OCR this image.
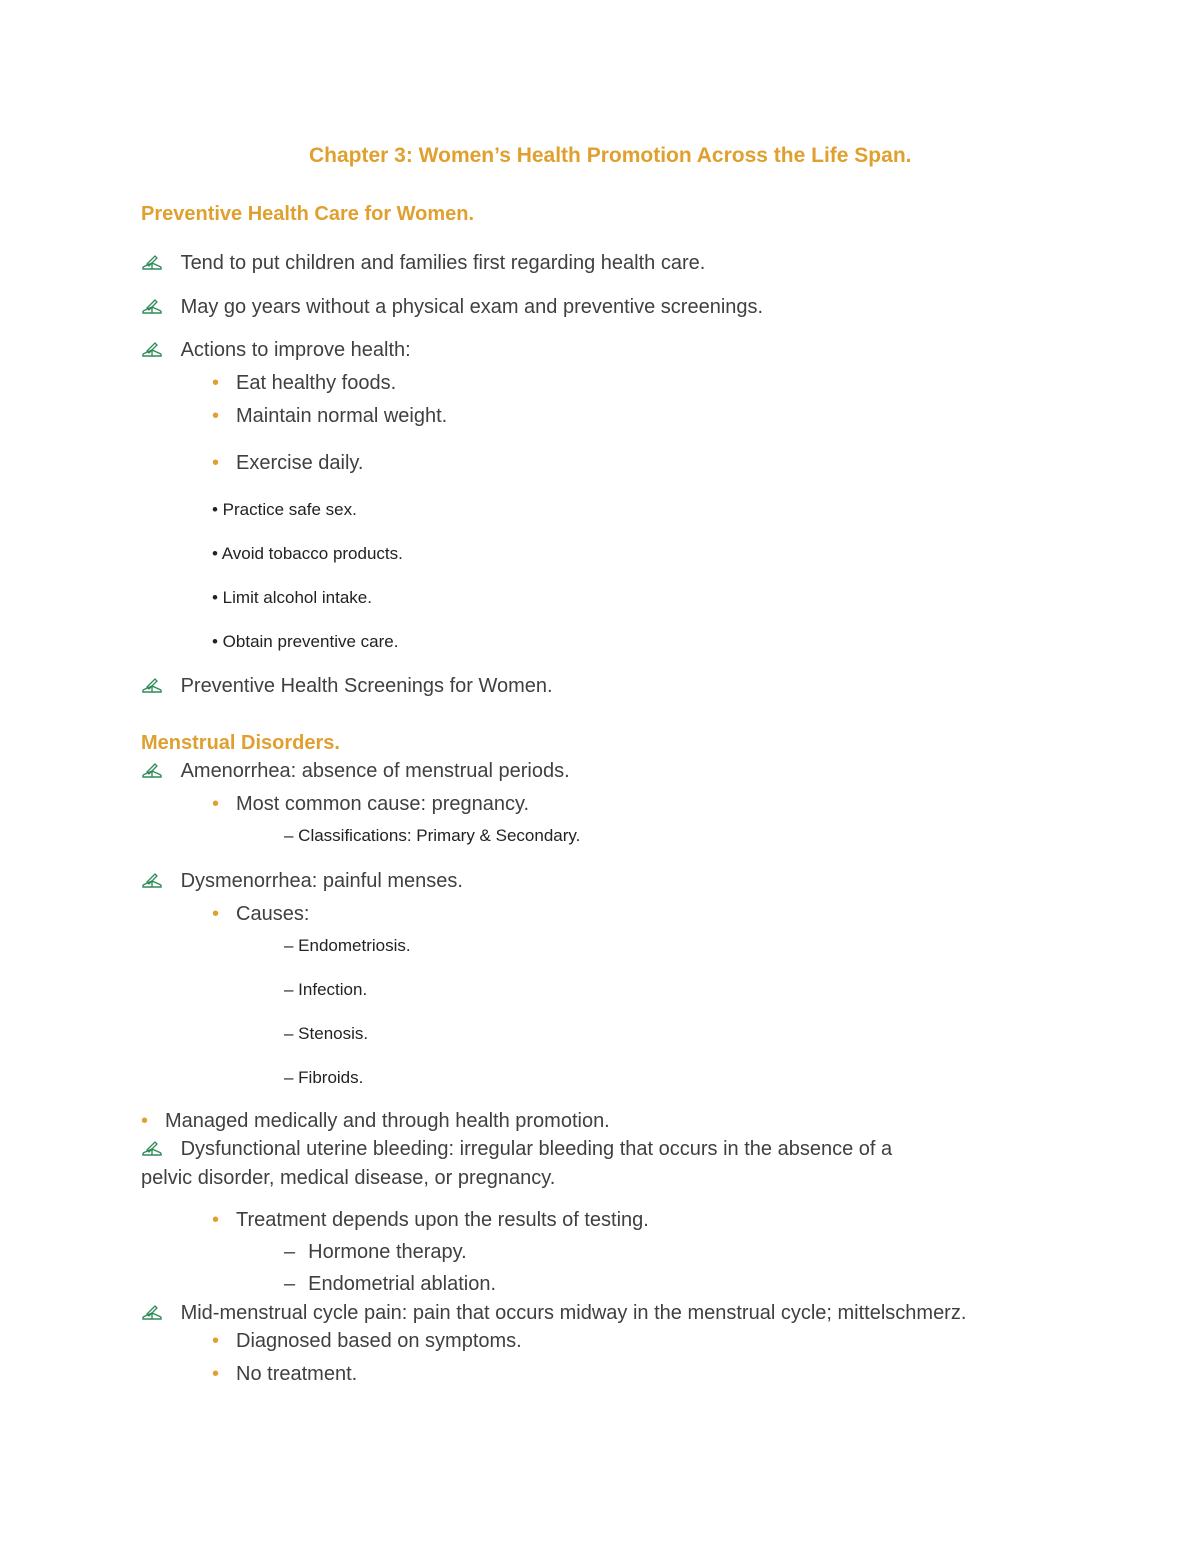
Chapter 3: Women’s Health Promotion Across the Life Span.
Preventive Health Care for Women.
Tend to put children and families first regarding health care.
May go years without a physical exam and preventive screenings.
Actions to improve health:
• Eat healthy foods.
• Maintain normal weight.
• Exercise daily.
• Practice safe sex.
• Avoid tobacco products.
• Limit alcohol intake.
• Obtain preventive care.
Preventive Health Screenings for Women.
Menstrual Disorders.
Amenorrhea: absence of menstrual periods.
• Most common cause: pregnancy.
– Classifications: Primary & Secondary.
Dysmenorrhea: painful menses.
• Causes:
– Endometriosis.
– Infection.
– Stenosis.
– Fibroids.
• Managed medically and through health promotion.
Dysfunctional uterine bleeding: irregular bleeding that occurs in the absence of a
pelvic disorder, medical disease, or pregnancy.
• Treatment depends upon the results of testing.
– Hormone therapy.
– Endometrial ablation.
Mid-menstrual cycle pain: pain that occurs midway in the menstrual cycle; mittelschmerz.
• Diagnosed based on symptoms.
• No treatment.
